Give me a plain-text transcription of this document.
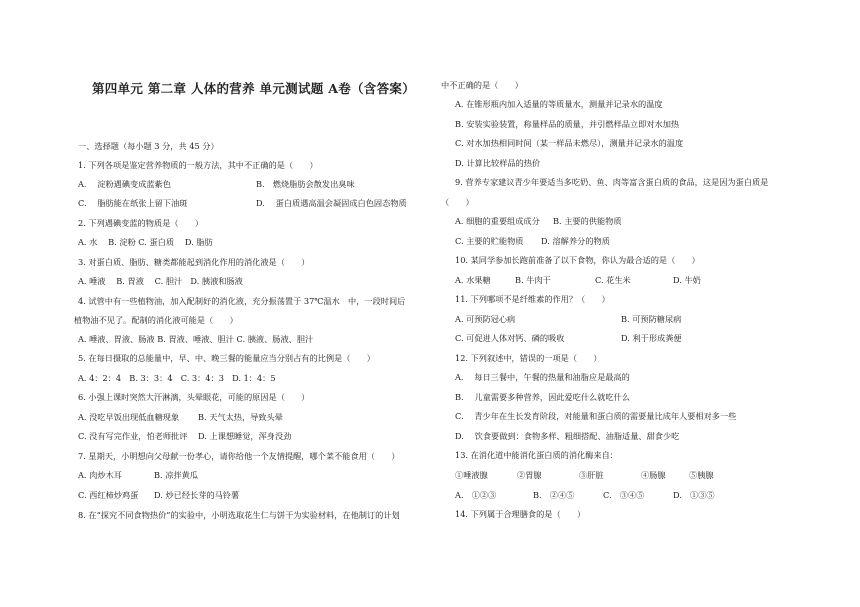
第四单元 第二章 人体的营养 单元测试题 A卷（含答案）
一、选择题（每小题 3 分，共 45 分）
1. 下列各项是鉴定营养物质的一般方法，其中不正确的是（　　）
A.　 淀粉遇碘变成蓝紫色	B.　燃烧脂肪会散发出臭味
C.　 脂肪能在纸张上留下油斑	D.　 蛋白质遇高温会凝固成白色固态物质
2. 下列遇碘变蓝的物质是（　　）
A. 水　 B. 淀粉 C. 蛋白质　 D. 脂肪
3. 对蛋白质、脂肪、糖类都能起到消化作用的消化液是（　　）
A. 唾液　 B. 胃液　 C. 胆汁　D. 胰液和肠液
4. 试管中有一些植物油，加入配制好的消化液，充分振荡置于 37℃温水　中，一段时间后
植物油不见了。配制的消化液可能是（　　）
A. 唾液、胃液、肠液 B. 胃液、唾液、胆汁 C. 胰液、肠液、胆汁
5. 在每日摄取的总能量中，早、中、晚三餐的能量应当分别占有的比例是（　　）
A. 4：2：4　B. 3：3：4　C. 3：4：3　D. 1：4：5
6. 小强上课时突然大汗淋漓，头晕眼花，可能的原因是（　　）
A. 没吃早饭出现低血糖现象 B. 天气太热，导致头晕
C. 没有写完作业，怕老师批评 D. 上课想睡觉，浑身没劲
7. 星期天，小明想向父母献一份孝心，请你给他一个友情提醒，哪个菜不能食用（　　）
A. 肉炒木耳	B. 凉拌黄瓜
C. 西红柿炒鸡蛋 D. 炒已经长芽的马铃薯
8. 在“探究不同食物热价”的实验中，小明选取花生仁与饼干为实验材料，在他制订的计划
中不正确的是（　　）
A. 在锥形瓶内加入适量的等质量水，测量并记录水的温度
B. 安装实验装置，称量样品的质量，并引燃样品立即对水加热
C. 对水加热相同时间（某一样品未燃尽），测量并记录水的温度
D. 计算比较样品的热价
9. 营养专家建议青少年要适当多吃奶、鱼、肉等富含蛋白质的食品，这是因为蛋白质是
（　　）
A. 细胞的重要组成成分 B. 主要的供能物质
C. 主要的贮能物质 D. 溶解养分的物质
10. 某同学参加长跑前准备了以下食物，你认为最合适的是（　　）
A. 水果糖	B. 牛肉干	C. 花生米	D. 牛奶
11. 下列哪项不是纤维素的作用？（　　）
A. 可预防冠心病	B. 可预防糖尿病
C. 可促进人体对钙、磷的吸收	D. 利于形成粪便
12. 下列叙述中，错误的一项是（　　）
A.　 每日三餐中，午餐的热量和油脂应是最高的
B.　 儿童需要多种营养，因此爱吃什么就吃什么
C.　 青少年在生长发育阶段，对能量和蛋白质的需要量比成年人要相对多一些
D.　 饮食要做到：食物多样、粗细搭配、油脂适量、甜食少吃
13. 在消化道中能消化蛋白质的消化酶来自：
①唾液腺	②胃腺	③肝脏	④肠腺	⑤胰腺
A.　①②③	B.　②④⑤	C.　③④⑤	D.　①③⑤
14. 下列属于合理膳食的是（　　）
